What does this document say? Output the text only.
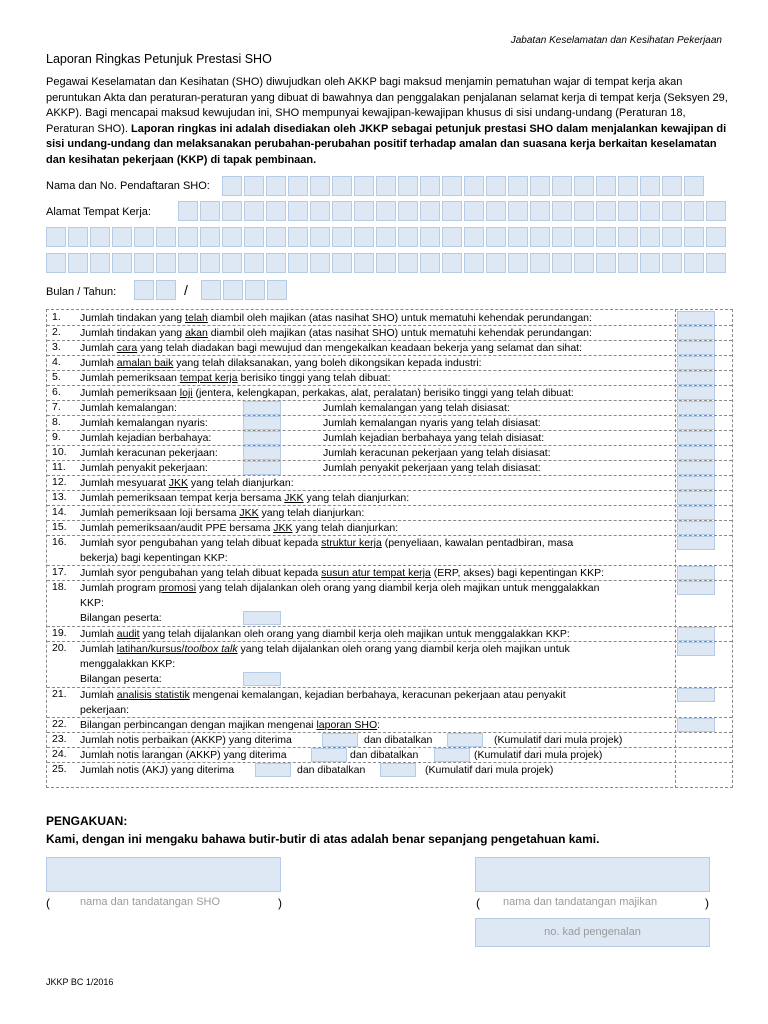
Jabatan Keselamatan dan Kesihatan Pekerjaan
Laporan Ringkas Petunjuk Prestasi SHO
Pegawai Keselamatan dan Kesihatan (SHO) diwujudkan oleh AKKP bagi maksud menjamin pematuhan wajar di tempat kerja akan peruntukan Akta dan peraturan-peraturan yang dibuat di bawahnya dan penggalakan penjalanan selamat kerja di tempat kerja (Seksyen 29, AKKP). Bagi mencapai maksud kewujudan ini, SHO mempunyai kewajipan-kewajipan khusus di sisi undang-undang (Peraturan 18, Peraturan SHO). Laporan ringkas ini adalah disediakan oleh JKKP sebagai petunjuk prestasi SHO dalam menjalankan kewajipan di sisi undang-undang dan melaksanakan perubahan-perubahan positif terhadap amalan dan suasana kerja berkaitan keselamatan dan kesihatan pekerjaan (KKP) di tapak pembinaan.
Nama dan No. Pendaftaran SHO:
Alamat Tempat Kerja:
Bulan / Tahun:	/
1. Jumlah tindakan yang telah diambil oleh majikan (atas nasihat SHO) untuk mematuhi kehendak perundangan:
2. Jumlah tindakan yang akan diambil oleh majikan (atas nasihat SHO) untuk mematuhi kehendak perundangan:
3. Jumlah cara yang telah diadakan bagi mewujud dan mengekalkan keadaan bekerja yang selamat dan sihat:
4. Jumlah amalan baik yang telah dilaksanakan, yang boleh dikongsikan kepada industri:
5. Jumlah pemeriksaan tempat kerja berisiko tinggi yang telah dibuat:
6. Jumlah pemeriksaan loji (jentera, kelengkapan, perkakas, alat, peralatan) berisiko tinggi yang telah dibuat:
7. Jumlah kemalangan:	Jumlah kemalangan yang telah disiasat:
8. Jumlah kemalangan nyaris:	Jumlah kemalangan nyaris yang telah disiasat:
9. Jumlah kejadian berbahaya:	Jumlah kejadian berbahaya yang telah disiasat:
10. Jumlah keracunan pekerjaan:	Jumlah keracunan pekerjaan yang telah disiasat:
11. Jumlah penyakit pekerjaan:	Jumlah penyakit pekerjaan yang telah disiasat:
12. Jumlah mesyuarat JKK yang telah dianjurkan:
13. Jumlah pemeriksaan tempat kerja bersama JKK yang telah dianjurkan:
14. Jumlah pemeriksaan loji bersama JKK yang telah dianjurkan:
15. Jumlah pemeriksaan/audit PPE bersama JKK yang telah dianjurkan:
16. Jumlah syor pengubahan yang telah dibuat kepada struktur kerja (penyeliaan, kawalan pentadbiran, masa
bekerja) bagi kepentingan KKP:
17. Jumlah syor pengubahan yang telah dibuat kepada susun atur tempat kerja (ERP, akses) bagi kepentingan KKP:
18. Jumlah program promosi yang telah dijalankan oleh orang yang diambil kerja oleh majikan untuk menggalakkan
KKP:
Bilangan peserta:
19. Jumlah audit yang telah dijalankan oleh orang yang diambil kerja oleh majikan untuk menggalakkan KKP:
20. Jumlah latihan/kursus/toolbox talk yang telah dijalankan oleh orang yang diambil kerja oleh majikan untuk
menggalakkan KKP:
Bilangan peserta:
21. Jumlah analisis statistik mengenai kemalangan, kejadian berbahaya, keracunan pekerjaan atau penyakit
pekerjaan:
22. Bilangan perbincangan dengan majikan mengenai laporan SHO:
23. Jumlah notis perbaikan (AKKP) yang diterima	dan dibatalkan	(Kumulatif dari mula projek)
24. Jumlah notis larangan (AKKP) yang diterima	dan dibatalkan	(Kumulatif dari mula projek)
25. Jumlah notis (AKJ) yang diterima	dan dibatalkan	(Kumulatif dari mula projek)
PENGAKUAN:
Kami, dengan ini mengaku bahawa butir-butir di atas adalah benar sepanjang pengetahuan kami.
(	nama dan tandatangan SHO	)	( nama dan tandatangan majikan	)
no. kad pengenalan
JKKP BC 1/2016
